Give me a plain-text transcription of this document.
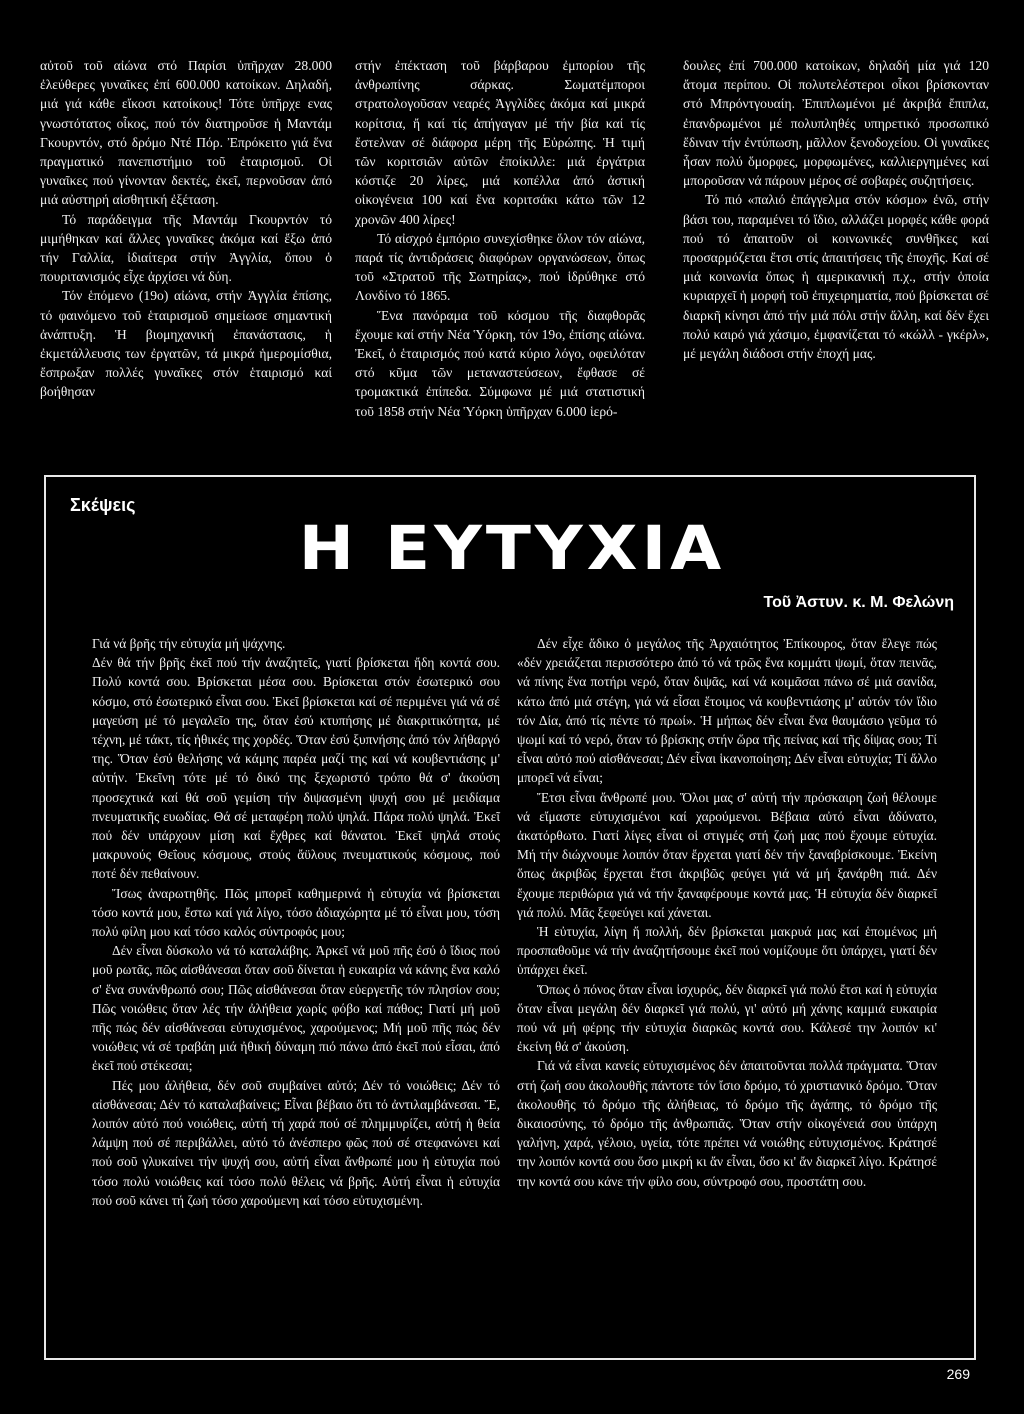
αὐτοῦ τοῦ αἰώνα στό Παρίσι ὑπῆρχαν 28.000 ἐλεύθερες γυναῖκες ἐπί 600.000 κατοίκων. Δηλαδή, μιά γιά κάθε εἴκοσι κατοίκους! Τότε ὑπῆρχε ενας γνωστότατος οἶκος, πού τόν διατηροῦσε ἡ Μαντάμ Γκουρντόν, στό δρόμο Ντέ Πόρ. Ἐπρόκειτο γιά ἕνα πραγματικό πανεπιστήμιο τοῦ ἑταιρισμοῦ. Οἱ γυναῖκες πού γίνονταν δεκτές, ἐκεῖ, περνοῦσαν ἀπό μιά αὐστηρή αἰσθητική ἐξέταση.

Τό παράδειγμα τῆς Μαντάμ Γκουρντόν τό μιμήθηκαν καί ἄλλες γυναῖκες ἀκόμα καί ἔξω ἀπό τήν Γαλλία, ἰδιαίτερα στήν Ἀγγλία, ὅπου ὁ πουριτανισμός εἶχε ἀρχίσει νά δύη.

Τόν ἑπόμενο (19ο) αἰώνα, στήν Ἀγγλία ἐπίσης, τό φαινόμενο τοῦ ἑταιρισμοῦ σημείωσε σημαντική ἀνάπτυξη. Ἡ βιομηχανική ἐπανάστασις, ἡ ἐκμετάλλευσις των ἐργατῶν, τά μικρά ἡμερομίσθια, ἔσπρωξαν πολλές γυναῖκες στόν ἑταιρισμό καί βοήθησαν

στήν ἐπέκταση τοῦ βάρβαρου ἐμπορίου τῆς ἀνθρωπίνης σάρκας. Σωματέμποροι στρατολογοῦσαν νεαρές Ἀγγλίδες ἀκόμα καί μικρά κορίτσια, ἤ καί τίς ἀπήγαγαν μέ τήν βία καί τίς ἔστελναν σέ διάφορα μέρη τῆς Εὐρώπης. Ἡ τιμή τῶν κοριτσιῶν αὐτῶν ἐποίκιλλε: μιά ἐργάτρια κόστιζε 20 λίρες, μιά κοπέλλα ἀπό ἀστική οἰκογένεια 100 καί ἕνα κοριτσάκι κάτω τῶν 12 χρονῶν 400 λίρες!

Τό αἰσχρό ἐμπόριο συνεχίσθηκε ὅλον τόν αἰώνα, παρά τίς ἀντιδράσεις διαφόρων οργανώσεων, ὅπως τοῦ «Στρατοῦ τῆς Σωτηρίας», πού ἱδρύθηκε στό Λονδίνο τό 1865.

Ἕνα πανόραμα τοῦ κόσμου τῆς διαφθορᾶς ἔχουμε καί στήν Νέα Ὑόρκη, τόν 19ο, ἐπίσης αἰώνα. Ἐκεῖ, ὁ ἑταιρισμός πού κατά κύριο λόγο, οφειλόταν στό κῦμα τῶν μεταναστεύσεων, ἔφθασε σέ τρομακτικά ἐπίπεδα. Σύμφωνα μέ μιά στατιστική τοῦ 1858 στήν Νέα Ὑόρκη ὑπῆρχαν 6.000 ἱερό-

δουλες ἐπί 700.000 κατοίκων, δηλαδή μία γιά 120 ἄτομα περίπου. Οἱ πολυτελέστεροι οἶκοι βρίσκονταν στό Μπρόντγουαίη. Ἐπιπλωμένοι μέ ἀκριβά ἔπιπλα, ἐπανδρωμένοι μέ πολυπληθές υπηρετικό προσωπικό ἔδιναν τήν ἐντύπωση, μᾶλλον ξενοδοχείου. Οἱ γυναῖκες ἦσαν πολύ ὅμορφες, μορφωμένες, καλλιεργημένες καί μποροῦσαν νά πάρουν μέρος σέ σοβαρές συζητήσεις.

Τό πιό «παλιό ἐπάγγελμα στόν κόσμο» ἐνῶ, στήν βάσι του, παραμένει τό ἴδιο, αλλάζει μορφές κάθε φορά πού τό ἀπαιτοῦν οἱ κοινωνικές συνθῆκες καί προσαρμόζεται ἔτσι στίς ἀπαιτήσεις τῆς ἐποχῆς. Καί σέ μιά κοινωνία ὅπως ἡ αμερικανική π.χ., στήν ὁποία κυριαρχεῖ ἡ μορφή τοῦ ἐπιχειρηματία, πού βρίσκεται σέ διαρκῆ κίνησι ἀπό τήν μιά πόλι στήν ἄλλη, καί δέν ἔχει πολύ καιρό γιά χάσιμο, ἐμφανίζεται τό «κώλλ - γκέρλ», μέ μεγάλη διάδοσι στήν ἐποχή μας.

Σκέψεις
Η ΕΥΤΥΧΙΑ
Τοῦ Ἀστυν. κ. Μ. Φελώνη

Γιά νά βρῆς τήν εὐτυχία μή ψάχνης.

Δέν θά τήν βρῆς ἐκεῖ πού τήν ἀναζητεῖς, γιατί βρίσκεται ἤδη κοντά σου. Πολύ κοντά σου. Βρίσκεται μέσα σου. Βρίσκεται στόν ἐσωτερικό σου κόσμο, στό ἐσωτερικό εἶναι σου. Ἐκεῖ βρίσκεται καί σέ περιμένει γιά νά σέ μαγεύση μέ τό μεγαλεῖο της, ὅταν ἐσύ κτυπήσης μέ διακριτικότητα, μέ τέχνη, μέ τάκτ, τίς ἠθικές της χορδές. Ὅταν ἐσύ ξυπνήσης ἀπό τόν λήθαργό της. Ὅταν ἐσύ θελήσης νά κάμης παρέα μαζί της καί νά κουβεντιάσης μ' αὐτήν. Ἐκεῖνη τότε μέ τό δικό της ξεχωριστό τρόπο θά σ' ἀκούση προσεχτικά καί θά σοῦ γεμίση τήν διψασμένη ψυχή σου μέ μειδίαμα πνευματικῆς ευωδίας. Θά σέ μεταφέρη πολύ ψηλά. Πάρα πολύ ψηλά. Ἐκεῖ πού δέν υπάρχουν μίση καί ἔχθρες καί θάνατοι. Ἐκεῖ ψηλά στούς μακρυνούς Θεΐους κόσμους, στούς ἄϋλους πνευματικούς κόσμους, πού ποτέ δέν πεθαίνουν.

Ἴσως ἀναρωτηθῆς. Πῶς μπορεῖ καθημερινά ἡ εὐτυχία νά βρίσκεται τόσο κοντά μου, ἔστω καί γιά λίγο, τόσο ἀδιαχώρητα μέ τό εἶναι μου, τόση πολύ φίλη μου καί τόσο καλός σύντροφός μου;

Δέν εἶναι δύσκολο νά τό καταλάβης. Ἀρκεῖ νά μοῦ πῆς ἐσύ ὁ ἴδιος πού μοῦ ρωτᾶς, πῶς αἰσθάνεσαι ὅταν σοῦ δίνεται ἡ ευκαιρία νά κάνης ἕνα καλό σ' ἕνα συνάνθρωπό σου; Πῶς αἰσθάνεσαι ὅταν εὐεργετῆς τόν πλησίον σου; Πῶς νοιώθεις ὅταν λές τήν ἀλήθεια χωρίς φόβο καί πάθος; Γιατί μή μοῦ πῆς πώς δέν αἰσθάνεσαι εὐτυχισμένος, χαρούμενος; Μή μοῦ πῆς πώς δέν νοιώθεις νά σέ τραβάη μιά ἠθική δύναμη πιό πάνω ἀπό ἐκεῖ πού εἶσαι, ἀπό ἐκεῖ πού στέκεσαι;

Πές μου ἀλήθεια, δέν σοῦ συμβαίνει αὐτό; Δέν τό νοιώθεις; Δέν τό αἰσθάνεσαι; Δέν τό καταλαβαίνεις; Εἶναι βέβαιο ὅτι τό ἀντιλαμβάνεσαι. Ἔ, λοιπόν αὐτό πού νοιώθεις, αὐτή τή χαρά πού σέ πλημμυρίζει, αὐτή ἡ θεία λάμψη πού σέ περιβάλλει, αὐτό τό ἀνέσπερο φῶς πού σέ στεφανώνει καί πού σοῦ γλυκαίνει τήν ψυχή σου, αὐτή εἶναι ἄνθρωπέ μου ἡ εὐτυχία πού τόσο πολύ νοιώθεις καί τόσο πολύ θέλεις νά βρῆς. Αὐτή εἶναι ἡ εὐτυχία πού σοῦ κάνει τή ζωή τόσο χαρούμενη καί τόσο εὐτυχισμένη.

Δέν εἶχε ἄδικο ὁ μεγάλος τῆς Ἀρχαιότητος Ἐπίκουρος, ὅταν ἔλεγε πώς «δέν χρειάζεται περισσότερο ἀπό τό νά τρῶς ἕνα κομμάτι ψωμί, ὅταν πεινᾶς, νά πίνης ἕνα ποτήρι νερό, ὅταν διψᾶς, καί νά κοιμᾶσαι πάνω σέ μιά σανίδα, κάτω ἀπό μιά στέγη, γιά νά εἶσαι ἕτοιμος νά κουβεντιάσης μ' αὐτόν τόν ἴδιο τόν Δία, ἀπό τίς πέντε τό πρωί». Ἡ μήπως δέν εἶναι ἕνα θαυμάσιο γεῦμα τό ψωμί καί τό νερό, ὅταν τό βρίσκης στήν ὥρα τῆς πείνας καί τῆς δίψας σου; Τί εἶναι αὐτό πού αἰσθάνεσαι; Δέν εἶναι ἱκανοποίηση; Δέν εἶναι εὐτυχία; Τί ἄλλο μπορεῖ νά εἶναι;

Ἔτσι εἶναι ἄνθρωπέ μου. Ὅλοι μας σ' αὐτή τήν πρόσκαιρη ζωή θέλουμε νά εἴμαστε εὐτυχισμένοι καί χαρούμενοι. Βέβαια αὐτό εἶναι ἀδύνατο, ἀκατόρθωτο. Γιατί λίγες εἶναι οἱ στιγμές στή ζωή μας πού ἔχουμε εὐτυχία. Μή τήν διώχνουμε λοιπόν ὅταν ἔρχεται γιατί δέν τήν ξαναβρίσκουμε. Ἐκείνη ὅπως ἀκριβῶς ἔρχεται ἔτσι ἀκριβῶς φεύγει γιά νά μή ξανάρθη πιά. Δέν ἔχουμε περιθώρια γιά νά τήν ξαναφέρουμε κοντά μας. Ἡ εὐτυχία δέν διαρκεῖ γιά πολύ. Μᾶς ξεφεύγει καί χάνεται.

Ἡ εὐτυχία, λίγη ἤ πολλή, δέν βρίσκεται μακρυά μας καί ἑπομένως μή προσπαθοῦμε νά τήν ἀναζητήσουμε ἐκεῖ πού νομίζουμε ὅτι ὑπάρχει, γιατί δέν ὑπάρχει ἐκεῖ.

Ὅπως ὁ πόνος ὅταν εἶναι ἰσχυρός, δέν διαρκεῖ γιά πολύ ἔτσι καί ἡ εὐτυχία ὅταν εἶναι μεγάλη δέν διαρκεῖ γιά πολύ, γι' αὐτό μή χάνης καμμιά ευκαιρία πού νά μή φέρης τήν εὐτυχία διαρκῶς κοντά σου. Κάλεσέ την λοιπόν κι' ἐκείνη θά σ' ἀκούση.

Γιά νά εἶναι κανείς εὐτυχισμένος δέν ἀπαιτοῦνται πολλά πράγματα. Ὅταν στή ζωή σου ἀκολουθῆς πάντοτε τόν ἴσιο δρόμο, τό χριστιανικό δρόμο. Ὅταν ἀκολουθῆς τό δρόμο τῆς ἀλήθειας, τό δρόμο τῆς ἀγάπης, τό δρόμο τῆς δικαιοσύνης, τό δρόμο τῆς ἀνθρωπιᾶς. Ὅταν στήν οἰκογένειά σου ὑπάρχη γαλήνη, χαρά, γέλοιο, υγεία, τότε πρέπει νά νοιώθης εὐτυχισμένος. Κράτησέ την λοιπόν κοντά σου ὅσο μικρή κι ἄν εἶναι, ὅσο κι' ἄν διαρκεῖ λίγο. Κράτησέ την κοντά σου κάνε τήν φίλο σου, σύντροφό σου, προστάτη σου.

269
